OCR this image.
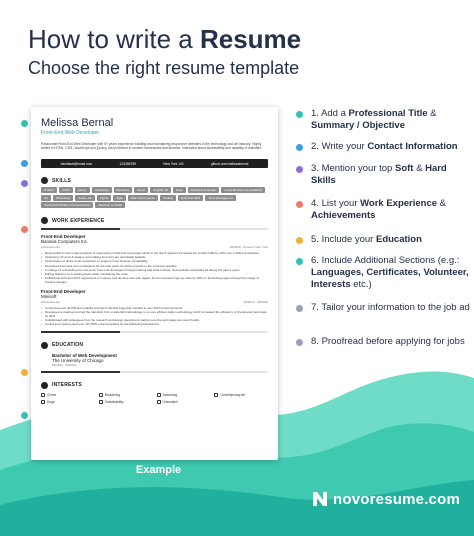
How to write a Resume
Choose the right resume template
Melissa Bernal
Front-End Web Developer
Passionate Front-End Web Developer with 5+ years experience building and maintaining responsive websites in the technology and art industry. Highly skilled in HTML, CSS, JavaScript and jQuery, and proficient in modern frameworks and libraries. Interested about accessibility and usability of websites.
mbellasb@email.com	123456789	New York, US	github.com/melissabernal
SKILLS
HTML5	CSS3	jQuery	JavaScript	Bootstrap	React	Angular JS	Sass	Responsive Design	Cross-Browser Compatibility
Git	Photoshop	Adobe XD	Figma	Agile	Web Performance	Testing	Technical SEO	Time Management
Verbal and Written Communication	Attention to Detail
WORK EXPERIENCE
Front-End Developer
Banana Computers Inc.
Achievements	05/2019 - Present, New York
• Responsible for the implementation of responsive mobile-first web pages which in the last 5 quarters increased the mobile traffic by 40% over 2 different websites.
• Assessing UX and UI designs and making sure they are technically feasible.
• Optimization of all the implementations to support cross-browser compatibility.
• Developed front and core consistently for the past years for all the projects in the company portfolio.
• In charge of onboarding the new junior front-end developers through training and code reviews. Successfully onboarded 16 during the past 4 years.
• Editing features on a existing basis while maintaining the code.
• Collaborate with the UI/UX department to improve and develop new web pages. So far increased sign-up rates by 25% on 10 landing pages through the usage of creative designs.
Front-End Developer
Minisoft
Achievements	03/2016 - 05/2019
• Conducted over 40 A/B and usability testings to identify bugs that resulted in over 300 UI improvements.
• Developed a roadmap and led the transition from a waterfall methodology to a more efficient Agile methodology which increased the efficiency of the development team by 30%.
• Collaborated with colleagues from the research and design department making sure the web pages are user-friendly.
• Coded and implemented over 40 HTML email templates for the Marketing Department.
EDUCATION
Bachelor of Web Development
The University of Chicago
09/2012 - 06/2016
INTERESTS
Chess	Bouldering	Swimming	Contemporary Art
Dogs	Sustainability	Overwatch
Example
1. Add a Professional Title & Summary / Objective
2. Write your Contact Information
3. Mention your top Soft & Hard Skills
4. List your Work Experience & Achievements
5. Include your Education
6. Include Additional Sections (e.g.: Languages, Certificates, Volunteer, Interests etc.)
7. Tailor your information to the job ad
8. Proofread before applying for jobs
novoresume.com
